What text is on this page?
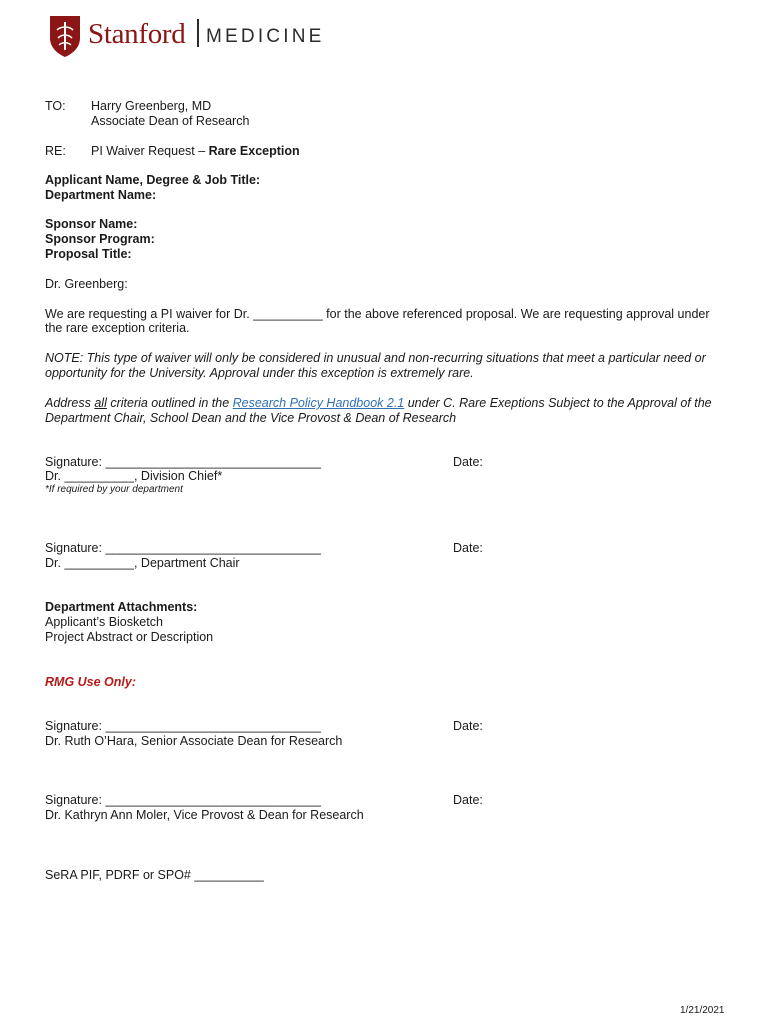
Stanford MEDICINE
TO: Harry Greenberg, MD
Associate Dean of Research
RE: PI Waiver Request – Rare Exception
Applicant Name, Degree & Job Title:
Department Name:
Sponsor Name:
Sponsor Program:
Proposal Title:
Dr. Greenberg:
We are requesting a PI waiver for Dr. __________ for the above referenced proposal. We are requesting approval under
the rare exception criteria.
NOTE: This type of waiver will only be considered in unusual and non-recurring situations that meet a particular need or
opportunity for the University. Approval under this exception is extremely rare.
Address all criteria outlined in the Research Policy Handbook 2.1 under C. Rare Exeptions Subject to the Approval of the
Department Chair, School Dean and the Vice Provost & Dean of Research
Signature: _______________________________	Date:
Dr. __________, Division Chief*
*If required by your department
Signature: _______________________________	Date:
Dr. __________, Department Chair
Department Attachments:
Applicant’s Biosketch
Project Abstract or Description
RMG Use Only:
Signature: _______________________________	Date:
Dr. Ruth O’Hara, Senior Associate Dean for Research
Signature: _______________________________	Date:
Dr. Kathryn Ann Moler, Vice Provost & Dean for Research
SeRA PIF, PDRF or SPO# __________
1/21/2021
